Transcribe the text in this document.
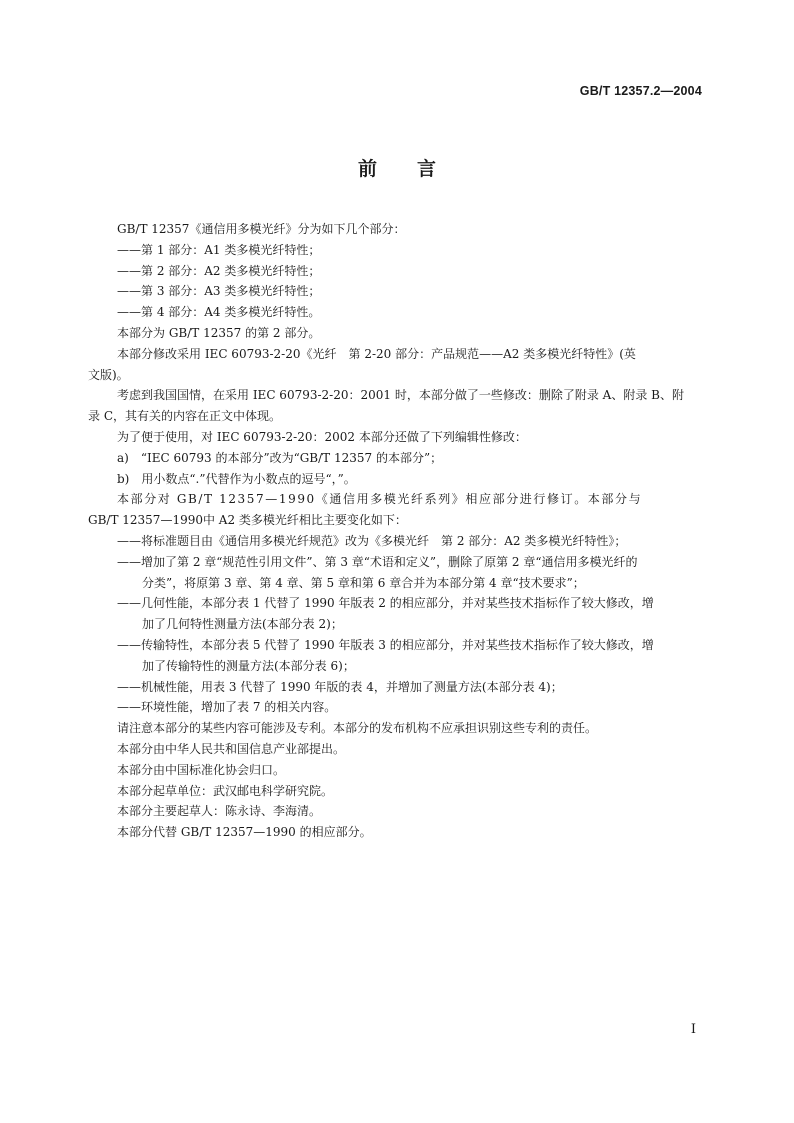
GB/T 12357.2—2004
前 言

GB/T 12357《通信用多模光纤》分为如下几个部分：

——第 1 部分：A1 类多模光纤特性；

——第 2 部分：A2 类多模光纤特性；

——第 3 部分：A3 类多模光纤特性；

——第 4 部分：A4 类多模光纤特性。

本部分为 GB/T 12357 的第 2 部分。

本部分修改采用 IEC 60793-2-20《光纤　第 2-20 部分：产品规范——A2 类多模光纤特性》(英

文版)。

考虑到我国国情，在采用 IEC 60793-2-20：2001 时，本部分做了一些修改：删除了附录 A、附录 B、附

录 C，其有关的内容在正文中体现。

为了便于使用，对 IEC 60793-2-20：2002 本部分还做了下列编辑性修改：

a)　“IEC 60793 的本部分”改为“GB/T 12357 的本部分”；

b)　用小数点“.”代替作为小数点的逗号“，”。

本部分对 GB/T 12357—1990《通信用多模光纤系列》相应部分进行修订。本部分与

GB/T 12357—1990中 A2 类多模光纤相比主要变化如下：

——将标准题目由《通信用多模光纤规范》改为《多模光纤　第 2 部分：A2 类多模光纤特性》；

——增加了第 2 章“规范性引用文件”、第 3 章“术语和定义”，删除了原第 2 章“通信用多模光纤的

分类”，将原第 3 章、第 4 章、第 5 章和第 6 章合并为本部分第 4 章“技术要求”；

——几何性能，本部分表 1 代替了 1990 年版表 2 的相应部分，并对某些技术指标作了较大修改，增

加了几何特性测量方法(本部分表 2)；

——传输特性，本部分表 5 代替了 1990 年版表 3 的相应部分，并对某些技术指标作了较大修改，增

加了传输特性的测量方法(本部分表 6)；

——机械性能，用表 3 代替了 1990 年版的表 4，并增加了测量方法(本部分表 4)；

——环境性能，增加了表 7 的相关内容。

请注意本部分的某些内容可能涉及专利。本部分的发布机构不应承担识别这些专利的责任。

本部分由中华人民共和国信息产业部提出。

本部分由中国标准化协会归口。

本部分起草单位：武汉邮电科学研究院。

本部分主要起草人：陈永诗、李海清。

本部分代替 GB/T 12357—1990 的相应部分。

I
